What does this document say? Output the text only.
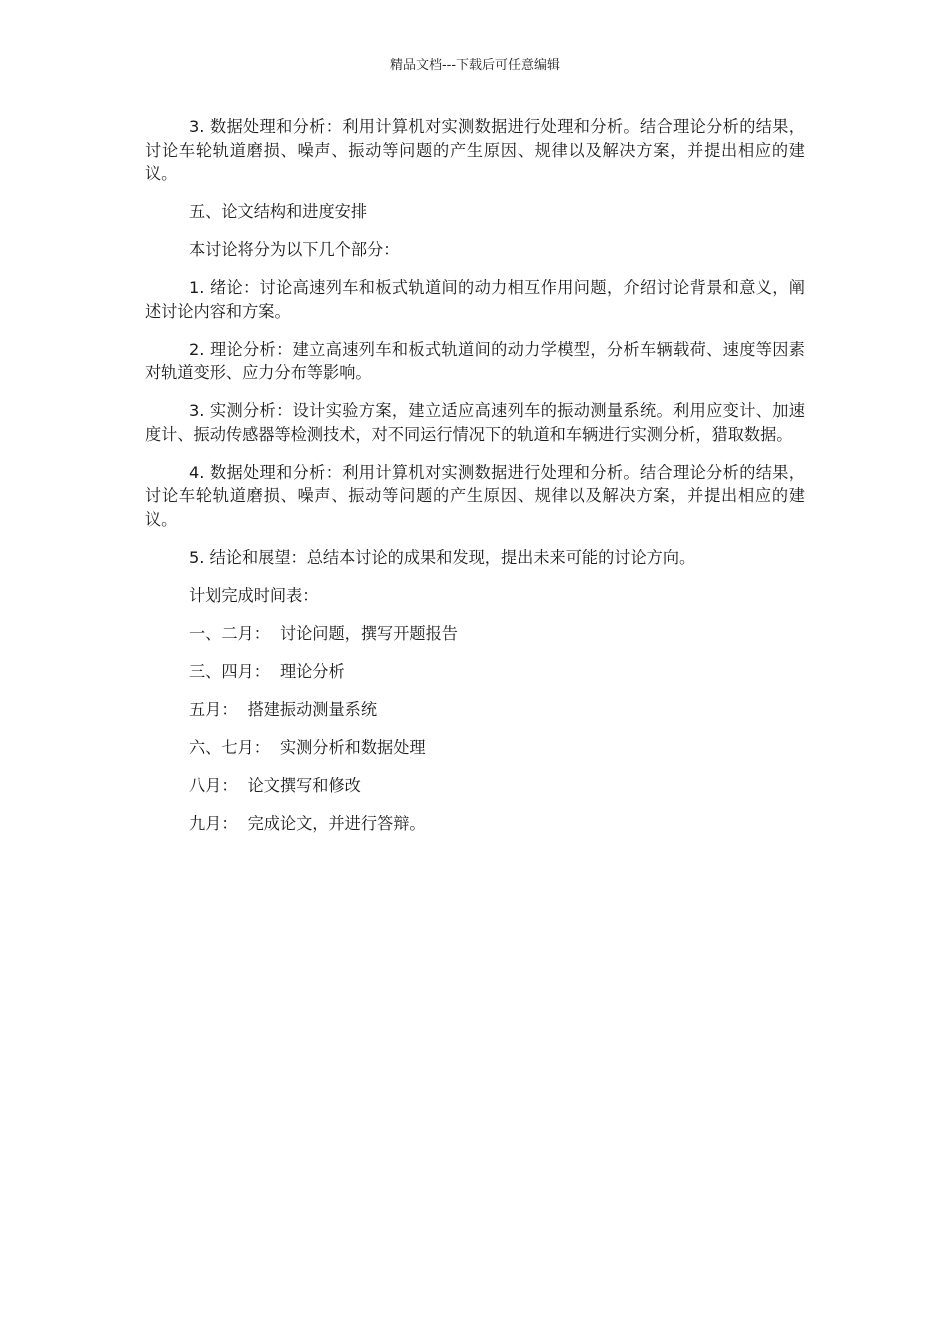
精品文档---下载后可任意编辑

3. 数据处理和分析：利用计算机对实测数据进行处理和分析。结合理论分析的结果，讨论车轮轨道磨损、噪声、振动等问题的产生原因、规律以及解决方案，并提出相应的建议。

五、论文结构和进度安排

本讨论将分为以下几个部分：

1. 绪论：讨论高速列车和板式轨道间的动力相互作用问题，介绍讨论背景和意义，阐述讨论内容和方案。

2. 理论分析：建立高速列车和板式轨道间的动力学模型，分析车辆载荷、速度等因素对轨道变形、应力分布等影响。

3. 实测分析：设计实验方案，建立适应高速列车的振动测量系统。利用应变计、加速度计、振动传感器等检测技术，对不同运行情况下的轨道和车辆进行实测分析，猎取数据。

4. 数据处理和分析：利用计算机对实测数据进行处理和分析。结合理论分析的结果，讨论车轮轨道磨损、噪声、振动等问题的产生原因、规律以及解决方案，并提出相应的建议。

5. 结论和展望：总结本讨论的成果和发现，提出未来可能的讨论方向。

计划完成时间表：

一、二月： 讨论问题，撰写开题报告

三、四月： 理论分析

五月： 搭建振动测量系统

六、七月： 实测分析和数据处理

八月： 论文撰写和修改

九月： 完成论文，并进行答辩。
